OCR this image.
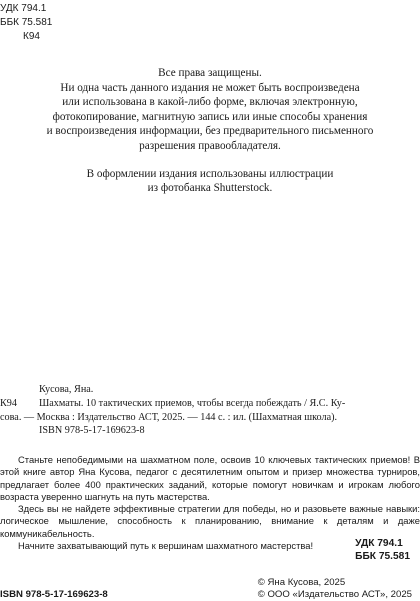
УДК 794.1
ББК 75.581
К94

Все права защищены.

Ни одна часть данного издания не может быть воспроизведена

или использована в какой-либо форме, включая электронную,

фотокопирование, магнитную запись или иные способы хранения

и воспроизведения информации, без предварительного письменного

разрешения правообладателя.

В оформлении издания использованы иллюстрации

из фотобанка Shutterstock.

Кусова, Яна.
К94	Шахматы. 10 тактических приемов, чтобы всегда побеждать / Я.С. Ку-
сова. — Москва : Издательство АСТ, 2025. — 144 с. : ил. (Шахматная школа).
ISBN 978-5-17-169623-8

Станьте непобедимыми на шахматном поле, освоив 10 ключевых тактических приемов! В этой книге автор Яна Кусова, педагог с десятилетним опытом и призер множества турниров, предлагает более 400 практических заданий, которые помогут новичкам и игрокам любого возраста уверенно шагнуть на путь мастерства.

Здесь вы не найдете эффективные стратегии для победы, но и разовьете важные навыки: логическое мышление, способность к планированию, внимание к деталям и даже коммуникабельность.

Начните захватывающий путь к вершинам шахматного мастерства!	УДК 794.1
ББК 75.581
© Яна Кусова, 2025
© ООО «Издательство АСТ», 2025
ISBN 978-5-17-169623-8
